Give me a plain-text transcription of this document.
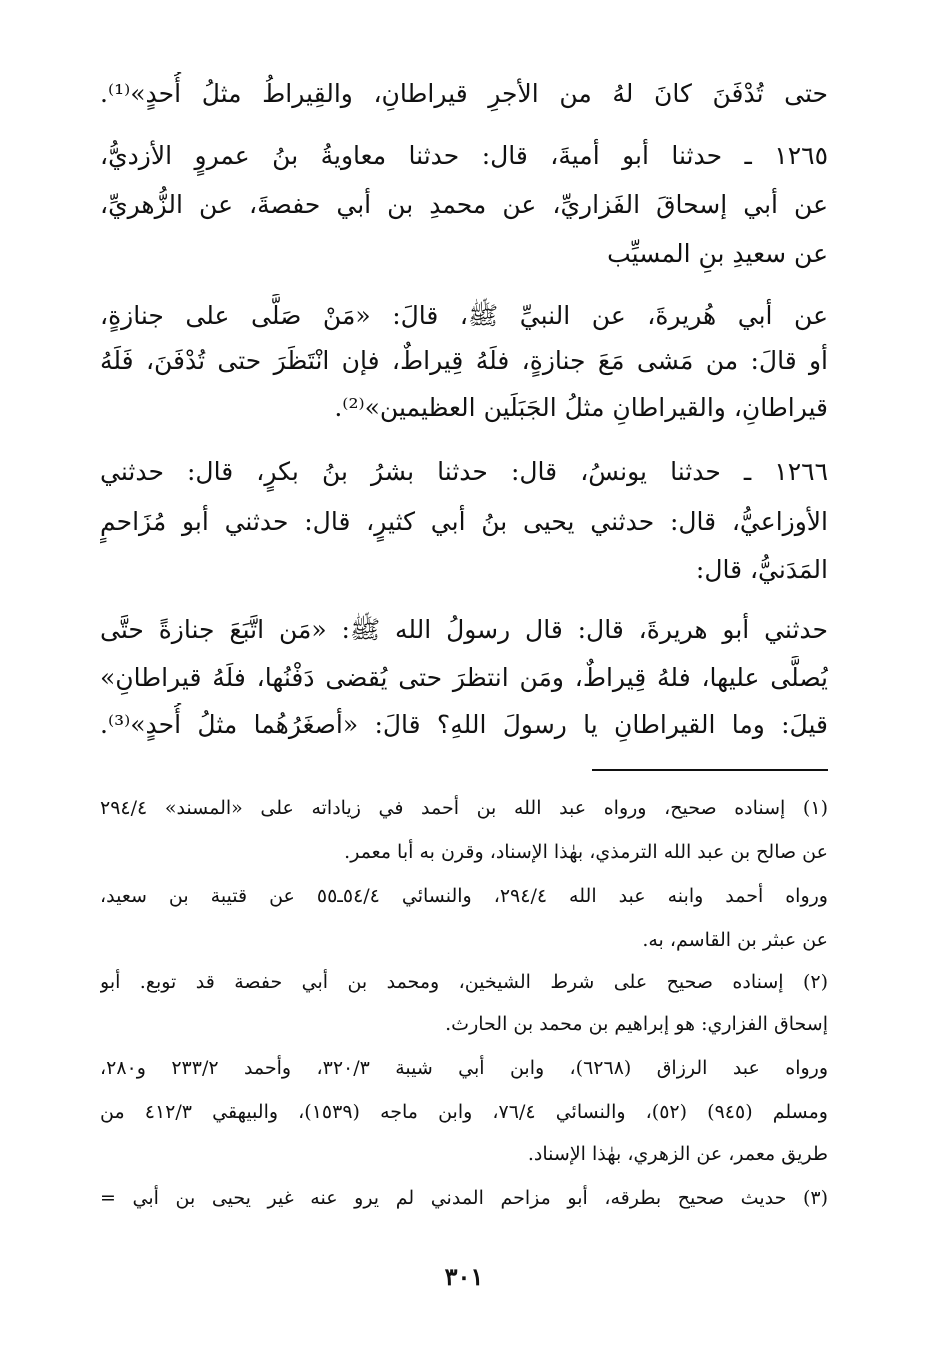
حتى تُدْفَنَ كانَ لهُ من الأجرِ قيراطانِ، والقِيراطُ مثلُ أُحدٍ»⁽¹⁾.
١٢٦٥ ـ حدثنا أبو أميةَ، قال: حدثنا معاويةُ بنُ عمروٍ الأزديُّ،
عن أبي إسحاقَ الفَزاريِّ، عن محمدِ بن أبي حفصةَ، عن الزُّهريِّ،
عن سعيدِ بنِ المسيِّب
عن أبي هُريرةَ، عن النبيِّ ﷺ، قالَ: «مَنْ صَلَّى على جنازةٍ،
أو قالَ: من مَشى مَعَ جنازةٍ، فلَهُ قِيراطٌ، فإن انْتَظَرَ حتى تُدْفَنَ، فَلَهُ
قيراطانِ، والقيراطانِ مثلُ الجَبَلَين العظيمين»⁽²⁾.
١٢٦٦ ـ حدثنا يونسُ، قال: حدثنا بشرُ بنُ بكرٍ، قال: حدثني
الأوزاعيُّ، قال: حدثني يحيى بنُ أبي كثيرٍ، قال: حدثني أبو مُزَاحمٍ
المَدَنيُّ، قال:
حدثني أبو هريرةَ، قال: قال رسولُ الله ﷺ: «مَن اتَّبَعَ جنازةً حتَّى
يُصلَّى عليها، فلهُ قِيراطٌ، ومَن انتظرَ حتى يُقضى دَفْنُها، فلَهُ قيراطانِ»
قيلَ: وما القيراطانِ يا رسولَ اللهِ؟ قالَ: «أصغَرُهُما مثلُ أُحدٍ»⁽³⁾.
(١) إسناده صحيح، ورواه عبد الله بن أحمد في زياداته على «المسند» ٢٩٤/٤
عن صالح بن عبد الله الترمذي، بهٰذا الإسناد، وقرن به أبا معمر.
ورواه أحمد وابنه عبد الله ٢٩٤/٤، والنسائي ٥٤/٤ـ٥٥ عن قتيبة بن سعيد،
عن عبثر بن القاسم، به.
(٢) إسناده صحيح على شرط الشيخين، ومحمد بن أبي حفصة قد توبع. أبو
إسحاق الفزاري: هو إبراهيم بن محمد بن الحارث.
ورواه عبد الرزاق (٦٢٦٨)، وابن أبي شيبة ٣٢٠/٣، وأحمد ٢٣٣/٢ و٢٨٠،
ومسلم (٩٤٥) (٥٢)، والنسائي ٧٦/٤، وابن ماجه (١٥٣٩)، والبيهقي ٤١٢/٣ من
طريق معمر، عن الزهري، بهٰذا الإسناد.
(٣) حديث صحيح بطرقه، أبو مزاحم المدني لم يرو عنه غير يحيى بن أبي =
٣٠١
